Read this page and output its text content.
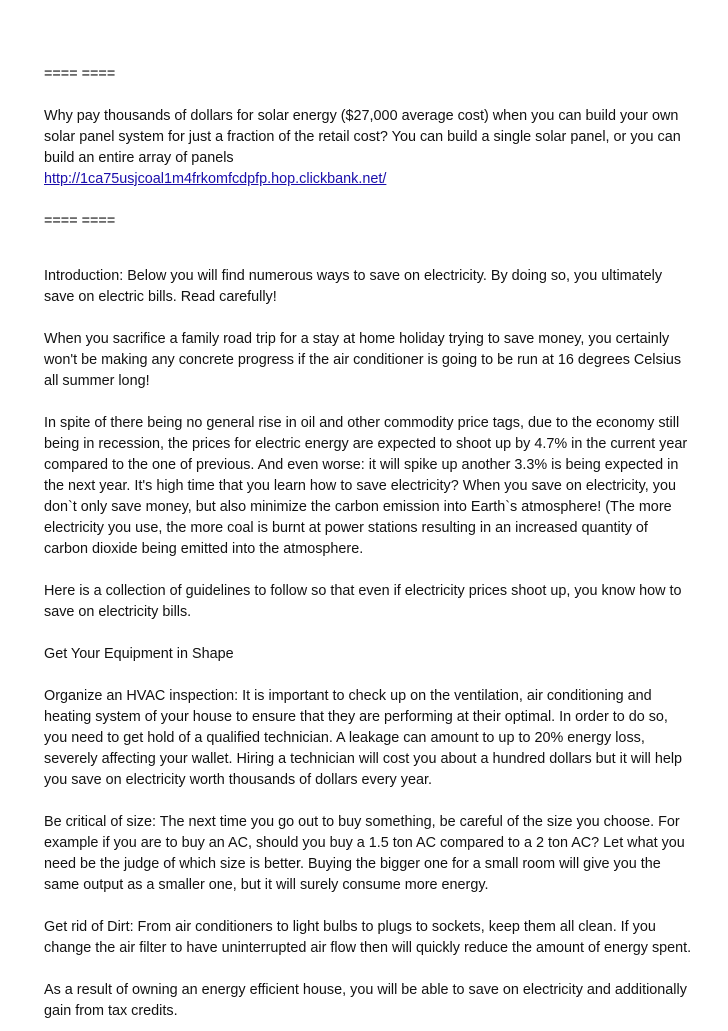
==== ====

Why pay thousands of dollars for solar energy ($27,000 average cost) when you can build your own solar panel system for just a fraction of the retail cost? You can build a single solar panel, or you can build an entire array of panels
http://1ca75usjcoal1m4frkomfcdpfp.hop.clickbank.net/

==== ====

Introduction: Below you will find numerous ways to save on electricity. By doing so, you ultimately save on electric bills. Read carefully!

When you sacrifice a family road trip for a stay at home holiday trying to save money, you certainly won't be making any concrete progress if the air conditioner is going to be run at 16 degrees Celsius all summer long!

In spite of there being no general rise in oil and other commodity price tags, due to the economy still being in recession, the prices for electric energy are expected to shoot up by 4.7% in the current year compared to the one of previous. And even worse: it will spike up another 3.3% is being expected in the next year. It's high time that you learn how to save electricity? When you save on electricity, you don`t only save money, but also minimize the carbon emission into Earth`s atmosphere! (The more electricity you use, the more coal is burnt at power stations resulting in an increased quantity of carbon dioxide being emitted into the atmosphere.

Here is a collection of guidelines to follow so that even if electricity prices shoot up, you know how to save on electricity bills.

Get Your Equipment in Shape

Organize an HVAC inspection: It is important to check up on the ventilation, air conditioning and heating system of your house to ensure that they are performing at their optimal. In order to do so, you need to get hold of a qualified technician. A leakage can amount to up to 20% energy loss, severely affecting your wallet. Hiring a technician will cost you about a hundred dollars but it will help you save on electricity worth thousands of dollars every year.

Be critical of size: The next time you go out to buy something, be careful of the size you choose. For example if you are to buy an AC, should you buy a 1.5 ton AC compared to a 2 ton AC? Let what you need be the judge of which size is better. Buying the bigger one for a small room will give you the same output as a smaller one, but it will surely consume more energy.

Get rid of Dirt: From air conditioners to light bulbs to plugs to sockets, keep them all clean. If you change the air filter to have uninterrupted air flow then will quickly reduce the amount of energy spent.

As a result of owning an energy efficient house, you will be able to save on electricity and additionally gain from tax credits.
